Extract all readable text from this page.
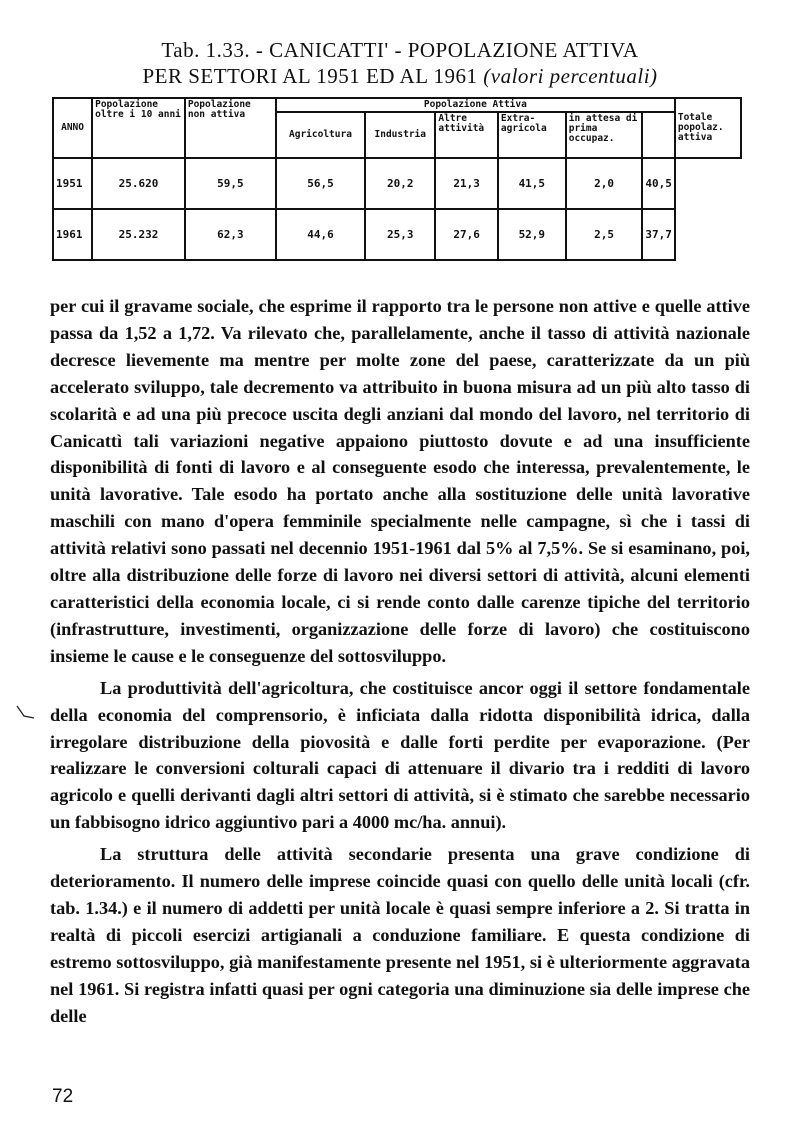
Tab. 1.33. - CANICATTI' - POPOLAZIONE ATTIVA
PER SETTORI AL 1951 ED AL 1961 (valori percentuali)
ANNO	Popolazione oltre i 10 anni	Popolazione non attiva	Popolazione Attiva						Totale popolaz. attiva
			Agricoltura	Industria	Altre attività	Extra-agricola	in attesa di prima occupaz.		
1951	25.620	59,5	56,5	20,2	21,3	41,5	2,0	40,5	
1961	25.232	62,3	44,6	25,3	27,6	52,9	2,5	37,7	

per cui il gravame sociale, che esprime il rapporto tra le persone non attive e quelle attive passa da 1,52 a 1,72. Va rilevato che, parallelamente, anche il tasso di attività nazionale decresce lievemente ma mentre per molte zone del paese, caratterizzate da un più accelerato sviluppo, tale decremento va attribuito in buona misura ad un più alto tasso di scolarità e ad una più precoce uscita degli anziani dal mondo del lavoro, nel territorio di Canicattì tali variazioni negative appaiono piuttosto dovute e ad una insufficiente disponibilità di fonti di lavoro e al conseguente esodo che interessa, prevalentemente, le unità lavorative. Tale esodo ha portato anche alla sostituzione delle unità lavorative maschili con mano d'opera femminile specialmente nelle campagne, sì che i tassi di attività relativi sono passati nel decennio 1951-1961 dal 5% al 7,5%. Se si esaminano, poi, oltre alla distribuzione delle forze di lavoro nei diversi settori di attività, alcuni elementi caratteristici della economia locale, ci si rende conto dalle carenze tipiche del territorio (infrastrutture, investimenti, organizzazione delle forze di lavoro) che costituiscono insieme le cause e le conseguenze del sottosviluppo.

La produttività dell'agricoltura, che costituisce ancor oggi il settore fondamentale della economia del comprensorio, è inficiata dalla ridotta disponibilità idrica, dalla irregolare distribuzione della piovosità e dalle forti perdite per evaporazione. (Per realizzare le conversioni colturali capaci di attenuare il divario tra i redditi di lavoro agricolo e quelli derivanti dagli altri settori di attività, si è stimato che sarebbe necessario un fabbisogno idrico aggiuntivo pari a 4000 mc/ha. annui).

La struttura delle attività secondarie presenta una grave condizione di deterioramento. Il numero delle imprese coincide quasi con quello delle unità locali (cfr. tab. 1.34.) e il numero di addetti per unità locale è quasi sempre inferiore a 2. Si tratta in realtà di piccoli esercizi artigianali a conduzione familiare. E questa condizione di estremo sottosviluppo, già manifestamente presente nel 1951, si è ulteriormente aggravata nel 1961. Si registra infatti quasi per ogni categoria una diminuzione sia delle imprese che delle

72
